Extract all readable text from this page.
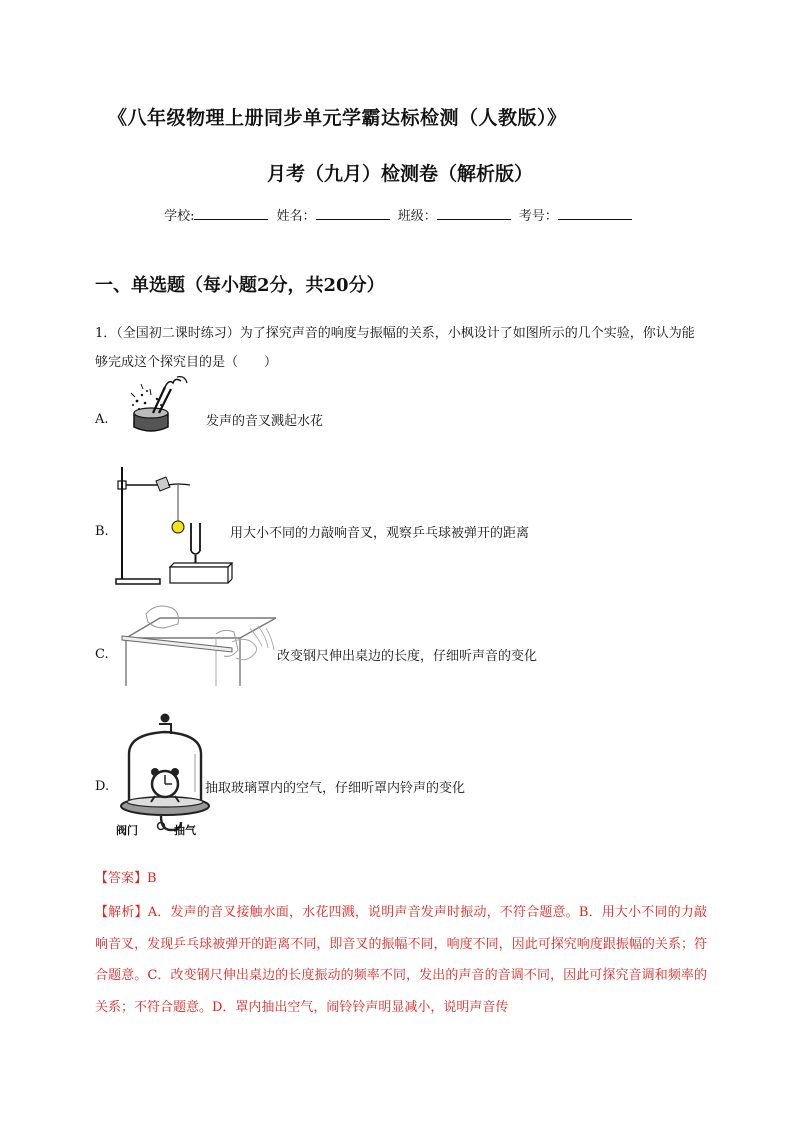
《八年级物理上册同步单元学霸达标检测（人教版）》
月考（九月）检测卷（解析版）
学校:	姓名：	班级：	考号：
一、单选题（每小题2分，共20分）
1．（全国初二课时练习）为了探究声音的响度与振幅的关系，小枫设计了如图所示的几个实验，你认为能够完成这个探究目的是（　　）
A.	发声的音叉溅起水花
B.	用大小不同的力敲响音叉，观察乒乓球被弹开的距离
C.	改变钢尺伸出桌边的长度，仔细听声音的变化
D.
阀门	抽气
抽取玻璃罩内的空气，仔细听罩内铃声的变化
【答案】B
【解析】A．发声的音叉接触水面，水花四溅，说明声音发声时振动，不符合题意。B．用大小不同的力敲响音叉，发现乒乓球被弹开的距离不同，即音叉的振幅不同，响度不同，因此可探究响度跟振幅的关系；符合题意。C．改变钢尺伸出桌边的长度振动的频率不同，发出的声音的音调不同，因此可探究音调和频率的关系；不符合题意。D．罩内抽出空气，闹铃铃声明显减小，说明声音传
